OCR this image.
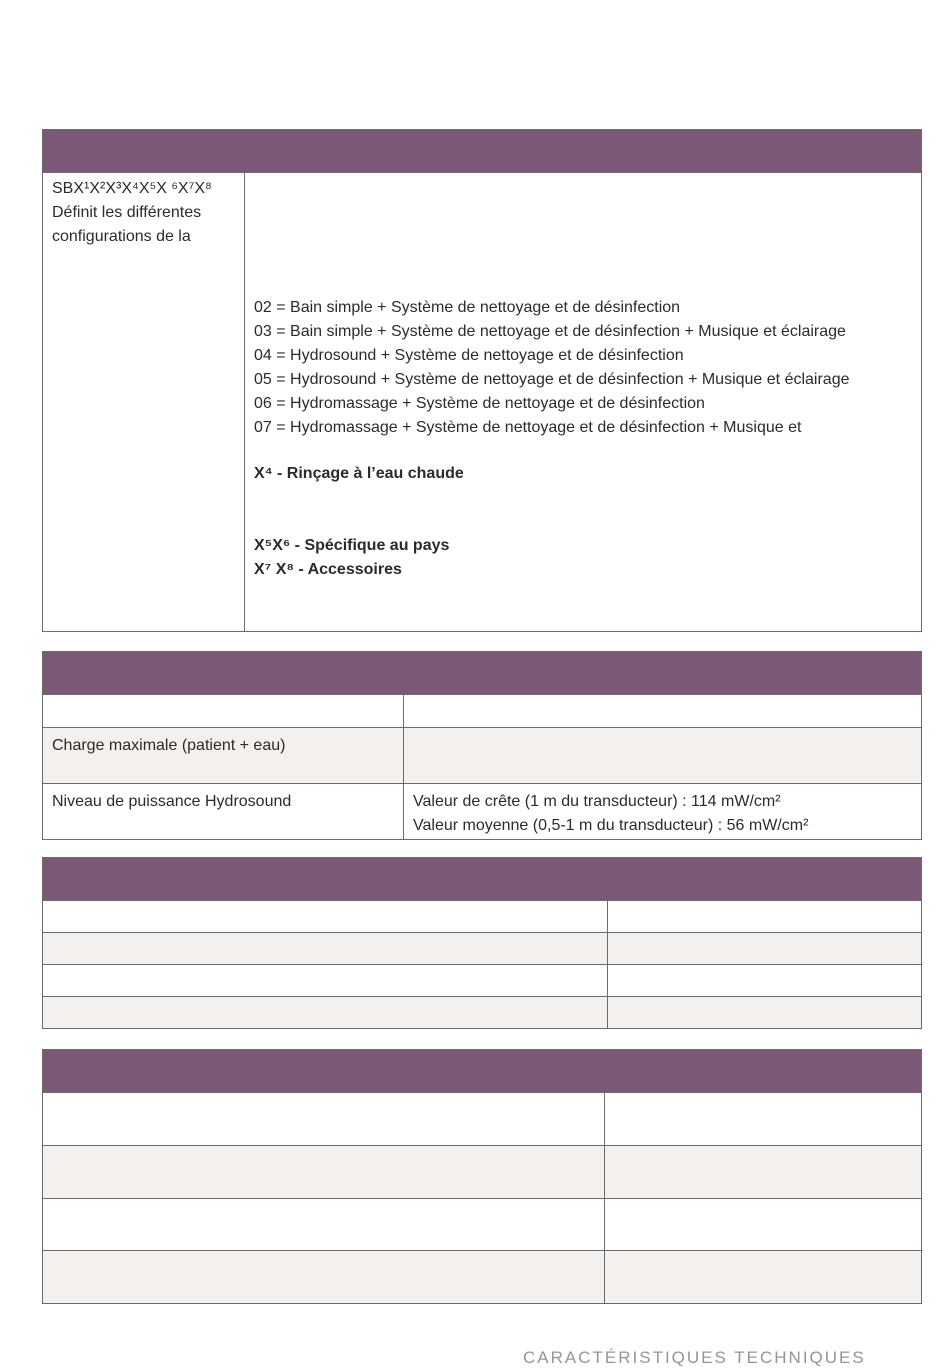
SBX¹X²X³X⁴X⁵X ⁶X⁷X⁸
Définit les différentes
configurations de la
02 = Bain simple + Système de nettoyage et de désinfection
03 = Bain simple + Système de nettoyage et de désinfection + Musique et éclairage
04 = Hydrosound + Système de nettoyage et de désinfection
05 = Hydrosound + Système de nettoyage et de désinfection + Musique et éclairage
06 = Hydromassage + Système de nettoyage et de désinfection
07 = Hydromassage + Système de nettoyage et de désinfection + Musique et
X⁴ - Rinçage à l’eau chaude
X⁵X⁶ - Spécifique au pays
X⁷ X⁸ - Accessoires
Charge maximale (patient + eau)
Niveau de puissance Hydrosound	Valeur de crête (1 m du transducteur) : 114 mW/cm²
Valeur moyenne (0,5-1 m du transducteur) : 56 mW/cm²
CARACTÉRISTIQUES TECHNIQUES
